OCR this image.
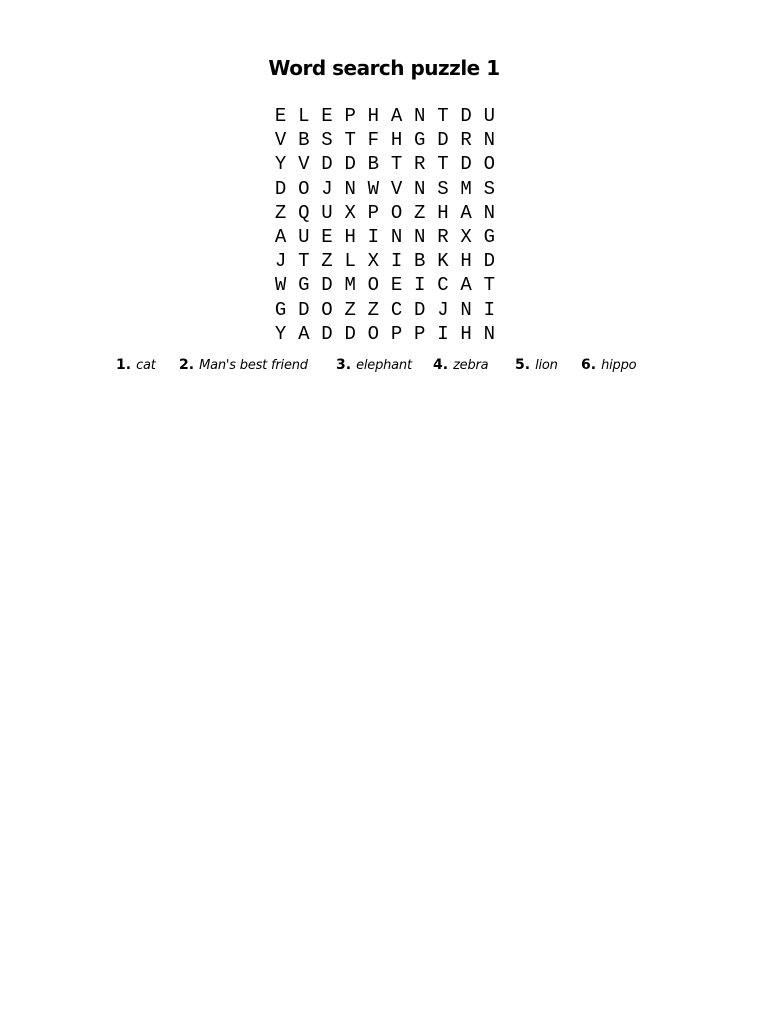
Word search puzzle 1
E L E P H A N T D U
V B S T F H G D R N
Y V D D B T R T D O
D O J N W V N S M S
Z Q U X P O Z H A N
A U E H I N N R X G
J T Z L X I B K H D
W G D M O E I C A T
G D O Z Z C D J N I
Y A D D O P P I H N
1. cat 2. Man's best friend 3. elephant 4. zebra 5. lion 6. hippo
